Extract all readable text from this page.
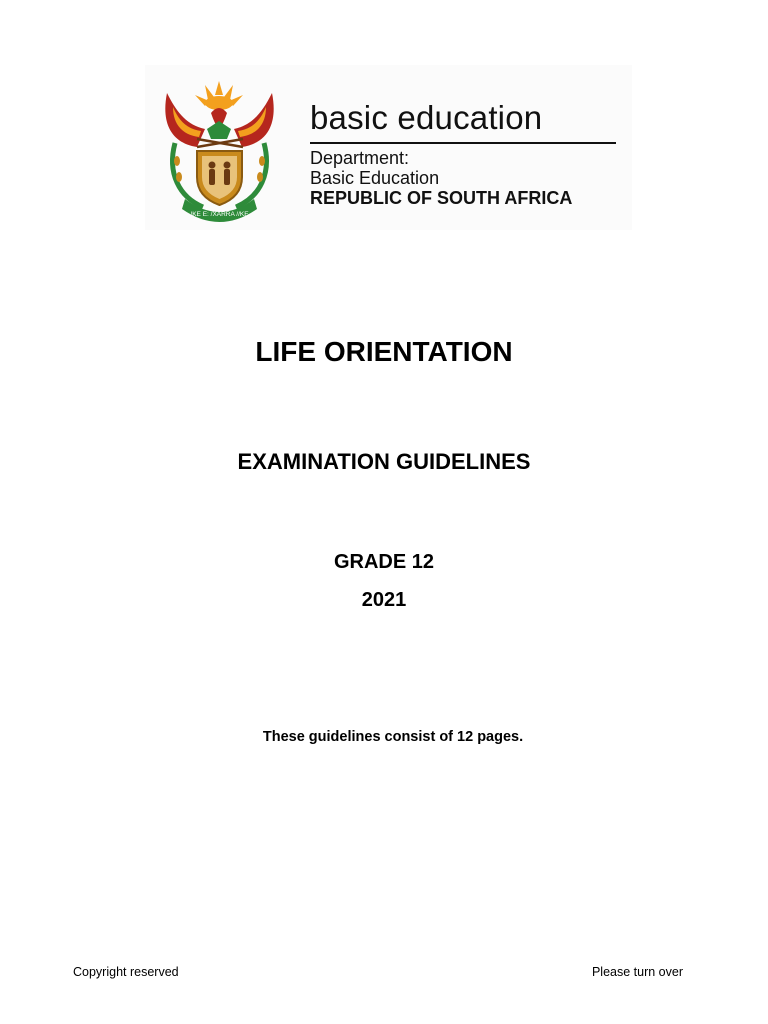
!KE E: /XARRA //KE
basic education
Department:
Basic Education
REPUBLIC OF SOUTH AFRICA
LIFE ORIENTATION
EXAMINATION GUIDELINES
GRADE 12
2021
These guidelines consist of 12 pages.
Copyright reserved	Please turn over
